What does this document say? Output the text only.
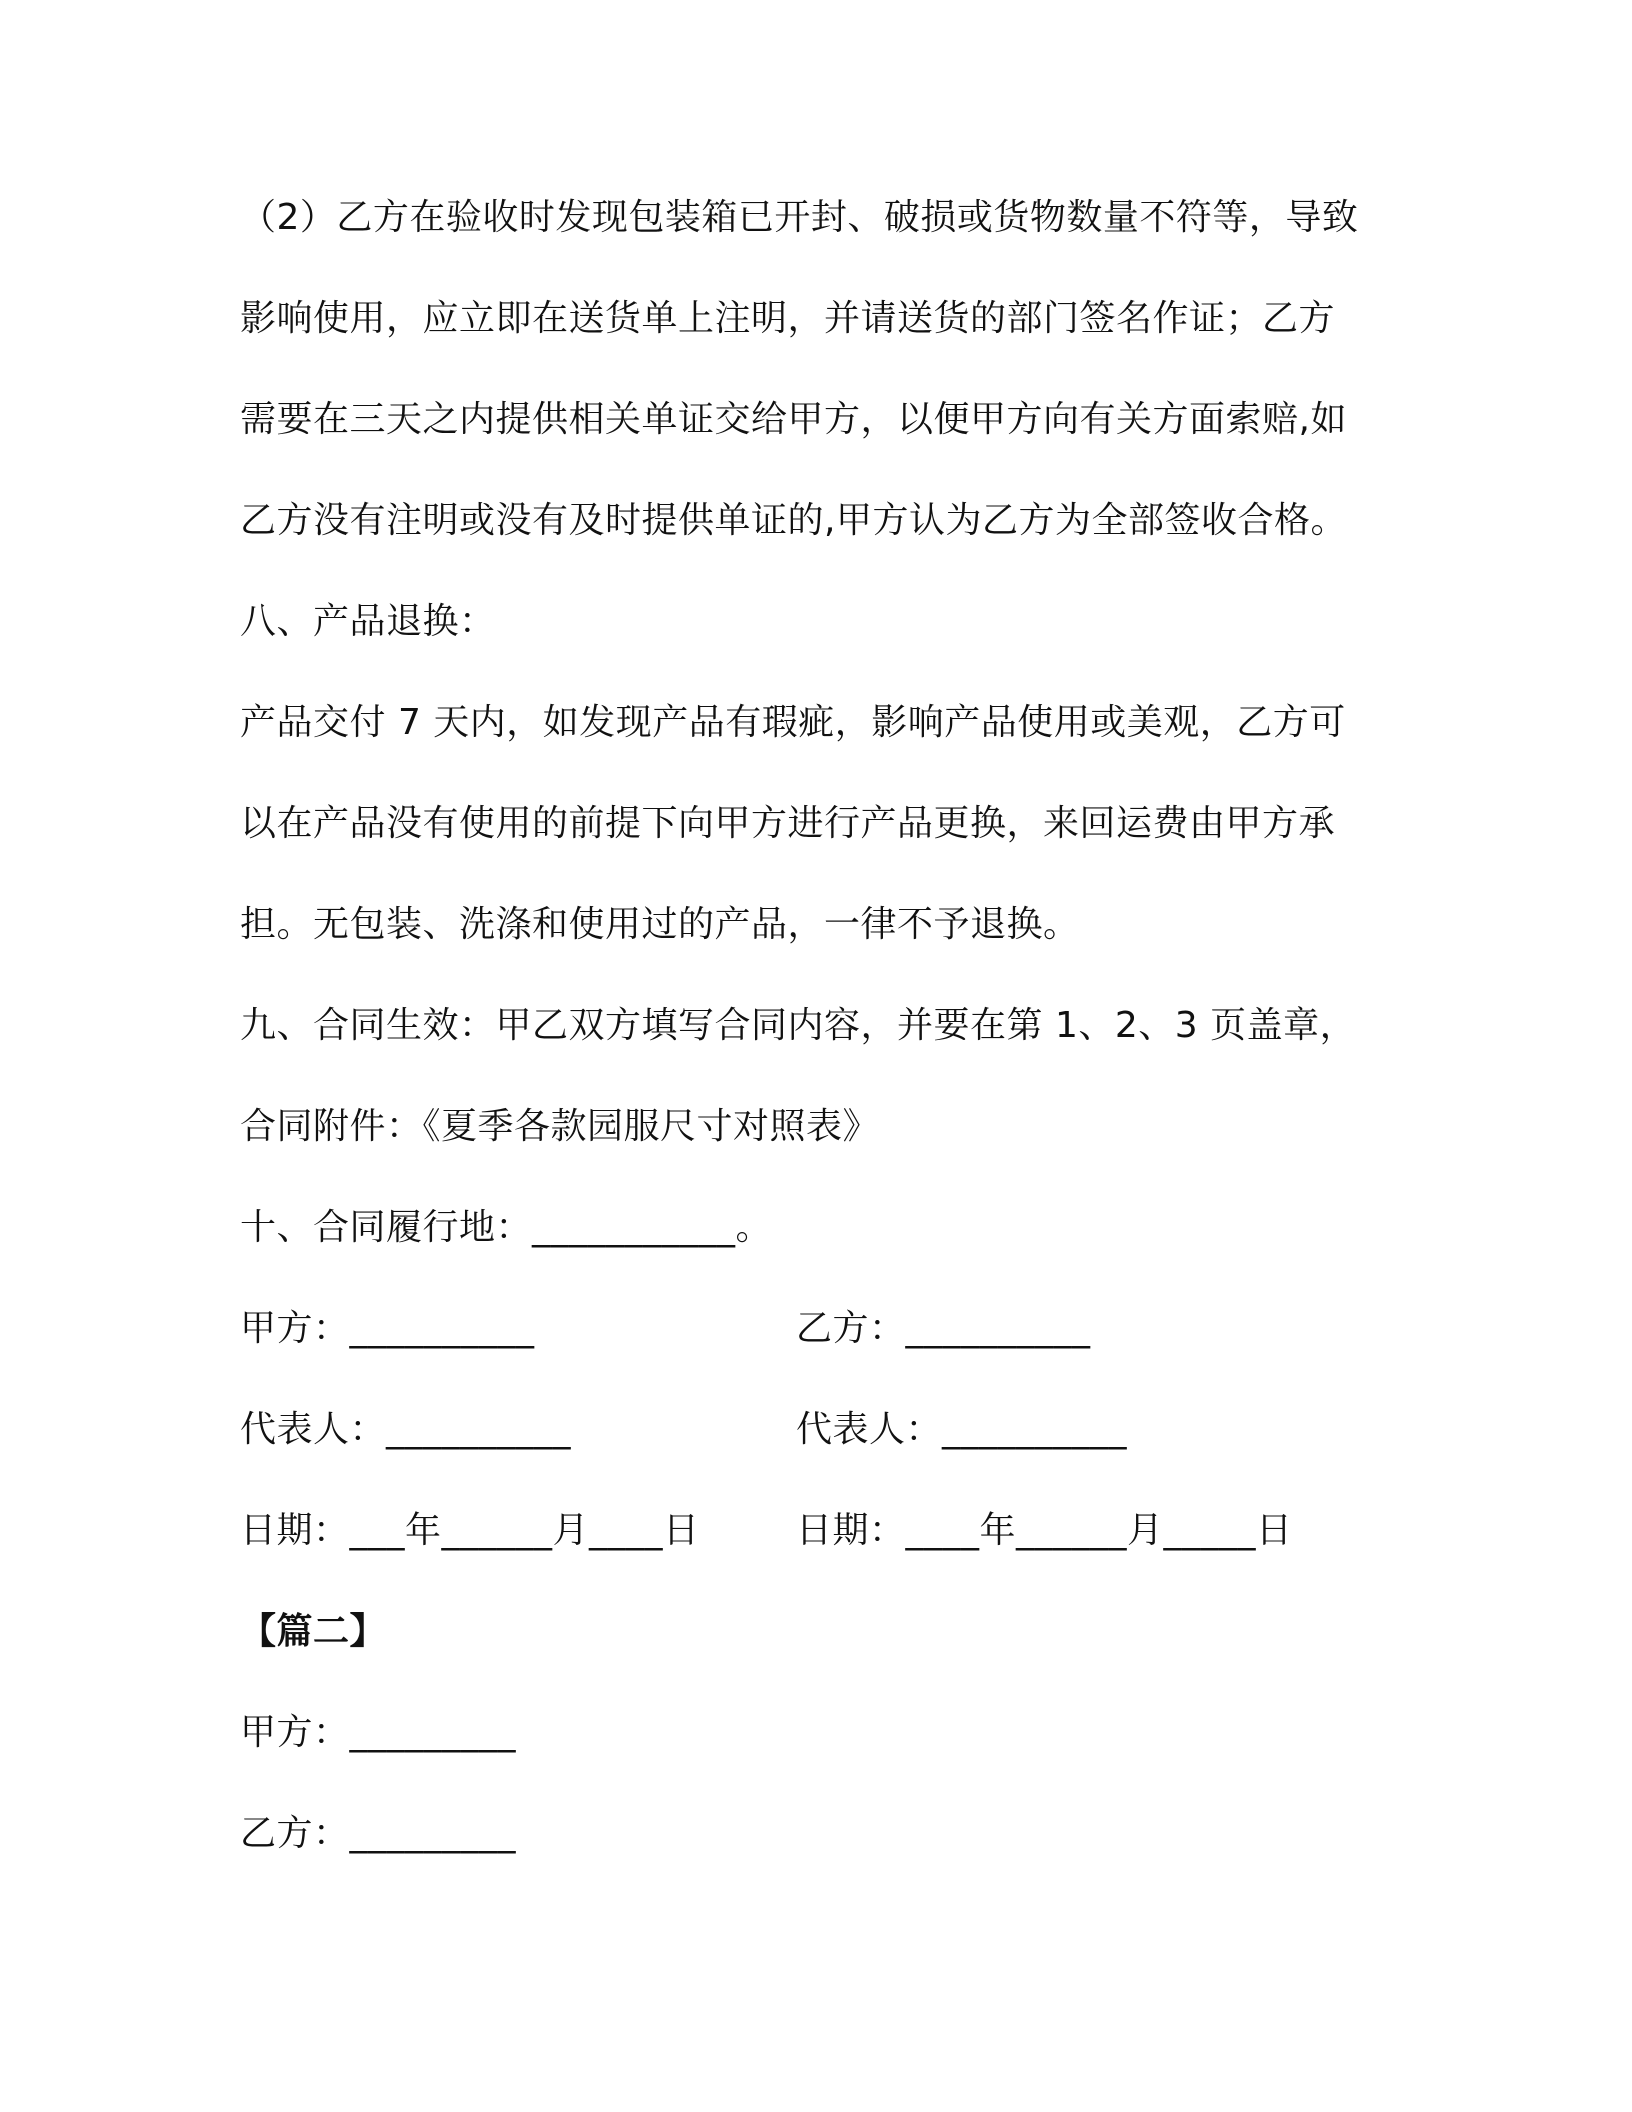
（2）乙方在验收时发现包装箱已开封、破损或货物数量不符等，导致
影响使用，应立即在送货单上注明，并请送货的部门签名作证；乙方
需要在三天之内提供相关单证交给甲方，以便甲方向有关方面索赔,如
乙方没有注明或没有及时提供单证的,甲方认为乙方为全部签收合格。
八、产品退换：
产品交付 7 天内，如发现产品有瑕疵，影响产品使用或美观，乙方可
以在产品没有使用的前提下向甲方进行产品更换，来回运费由甲方承
担。无包装、洗涤和使用过的产品，一律不予退换。
九、合同生效：甲乙双方填写合同内容，并要在第 1、2、3 页盖章，
合同附件：《夏季各款园服尺寸对照表》
十、合同履行地：___________。
甲方：__________	乙方：__________
代表人：__________	代表人：__________
日期：___年______月____日	日期：____年______月_____日
【篇二】
甲方：_________
乙方：_________
